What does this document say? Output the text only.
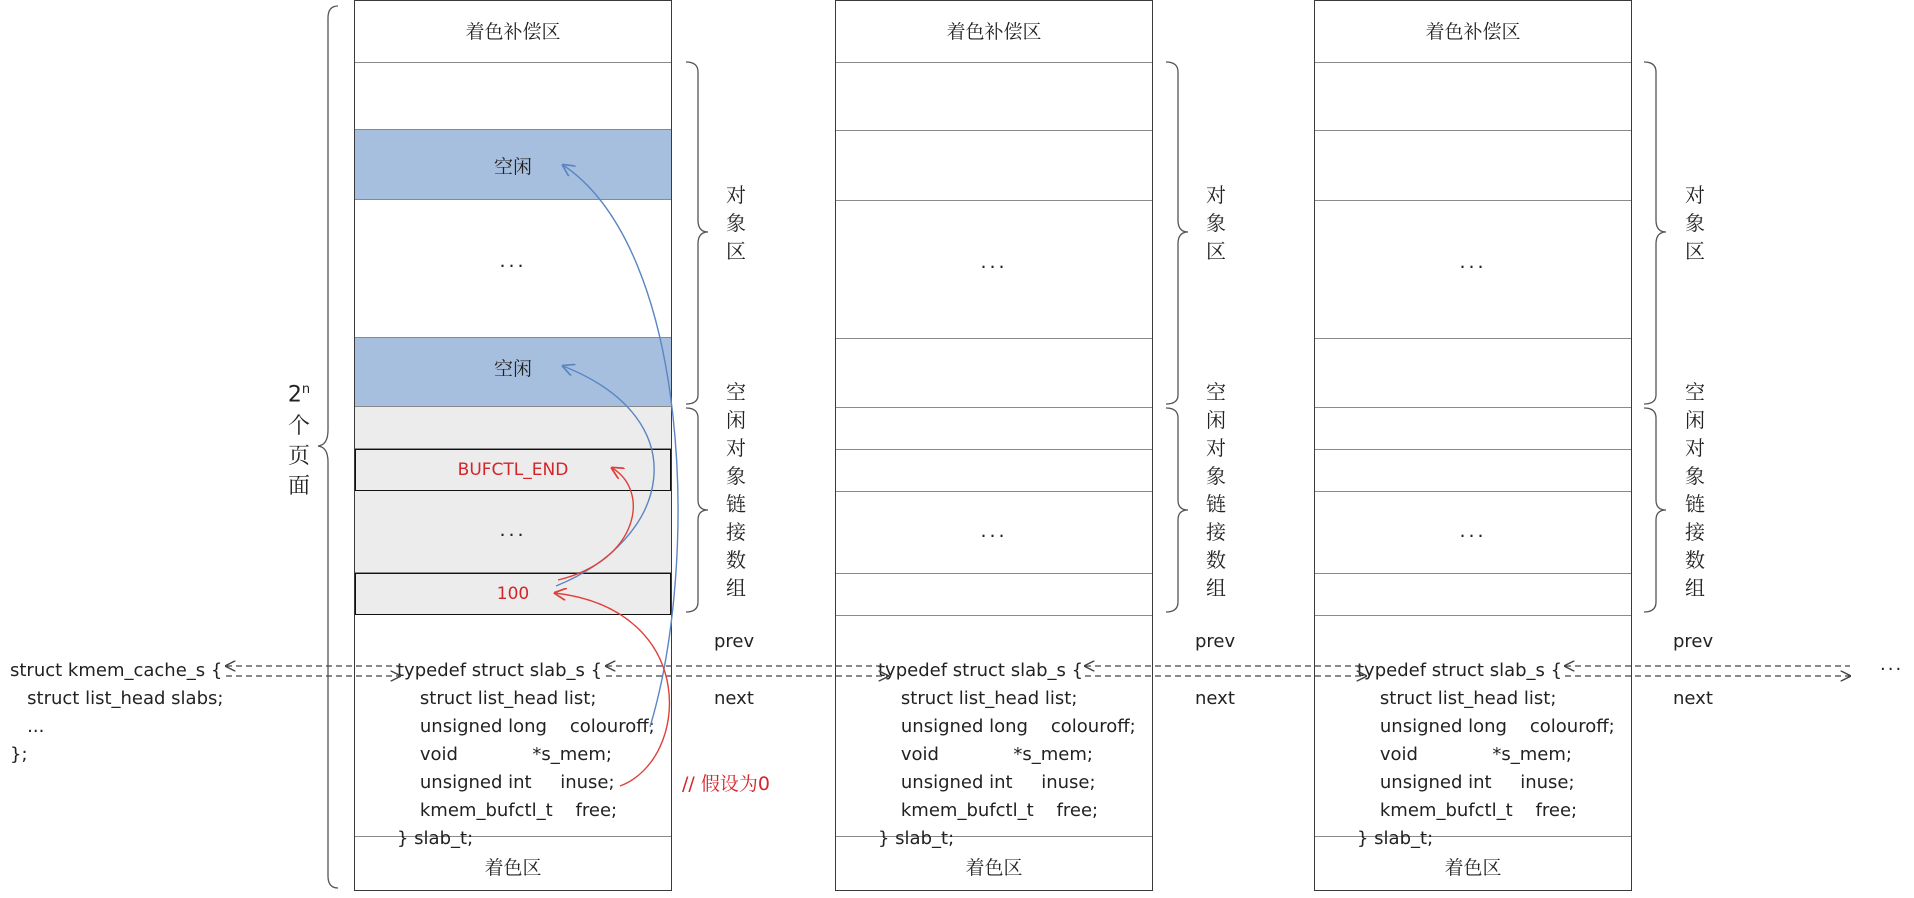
2$^n$
个
页
面
着色补偿区
空闲
...
空闲
BUFCTL_END
...
100
着色区

typedef struct slab_s {
struct list_head list;
unsigned long    colouroff;
void             *s_mem;
unsigned int     inuse;
kmem_bufctl_t    free;
} slab_t;

着色补偿区
...
...
着色区

typedef struct slab_s {
struct list_head list;
unsigned long    colouroff;
void             *s_mem;
unsigned int     inuse;
kmem_bufctl_t    free;
} slab_t;

着色补偿区
...
...
着色区

typedef struct slab_s {
struct list_head list;
unsigned long    colouroff;
void             *s_mem;
unsigned int     inuse;
kmem_bufctl_t    free;
} slab_t;

对
象
区
空
闲
对
象
链
接
数
组
对
象
区
空
闲
对
象
链
接
数
组
对
象
区
空
闲
对
象
链
接
数
组
prev
next
prev
next
prev
next
// 假设为0
...

struct kmem_cache_s {
struct list_head slabs;
...
};
